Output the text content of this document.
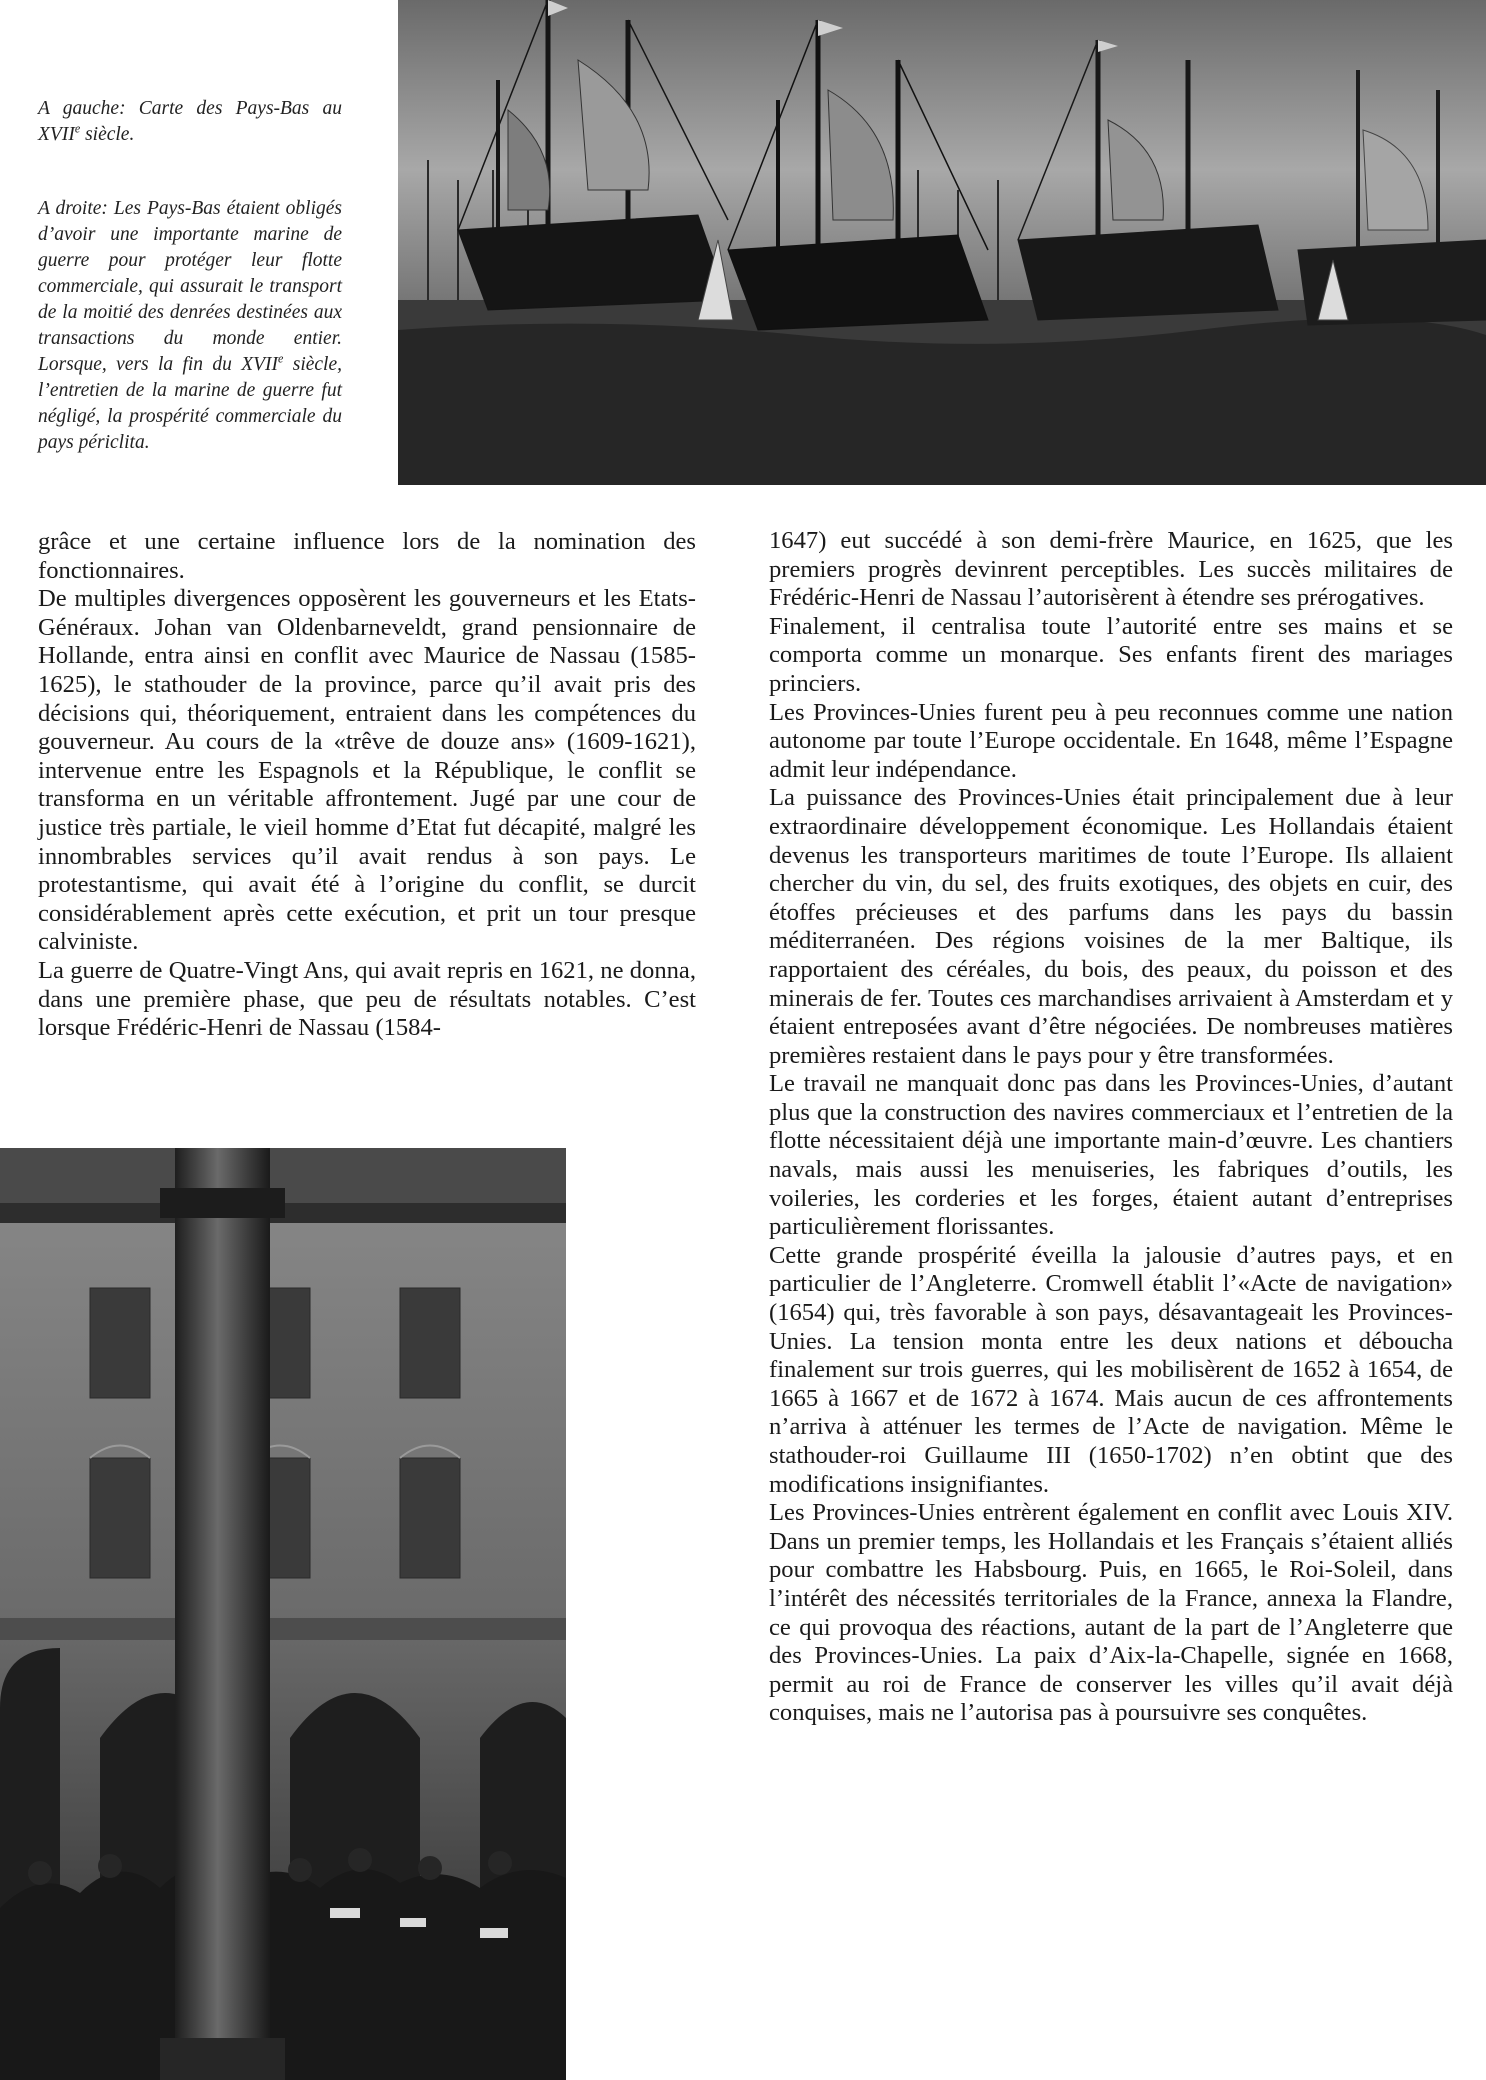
A gauche: Carte des Pays-Bas au XVIIe siècle.

A droite: Les Pays-Bas étaient obligés d’avoir une importante marine de guerre pour protéger leur flotte commerciale, qui assurait le transport de la moitié des denrées destinées aux transactions du monde entier. Lorsque, vers la fin du XVIIe siècle, l’entretien de la marine de guerre fut négligé, la prospérité commerciale du pays périclita.

grâce et une certaine influence lors de la nomination des fonctionnaires.

De multiples divergences opposèrent les gouverneurs et les Etats-Généraux. Johan van Oldenbarneveldt, grand pensionnaire de Hollande, entra ainsi en conflit avec Maurice de Nassau (1585-1625), le stathouder de la province, parce qu’il avait pris des décisions qui, théoriquement, entraient dans les compétences du gouverneur. Au cours de la «trêve de douze ans» (1609-1621), intervenue entre les Espagnols et la République, le conflit se transforma en un véritable affrontement. Jugé par une cour de justice très partiale, le vieil homme d’Etat fut décapité, malgré les innombrables services qu’il avait rendus à son pays. Le protestantisme, qui avait été à l’origine du conflit, se durcit considérablement après cette exécution, et prit un tour presque calviniste.

La guerre de Quatre-Vingt Ans, qui avait repris en 1621, ne donna, dans une première phase, que peu de résultats notables. C’est lorsque Frédéric-Henri de Nassau (1584-

1647) eut succédé à son demi-frère Maurice, en 1625, que les premiers progrès devinrent perceptibles. Les succès militaires de Frédéric-Henri de Nassau l’autorisèrent à étendre ses prérogatives.

Finalement, il centralisa toute l’autorité entre ses mains et se comporta comme un monarque. Ses enfants firent des mariages princiers.

Les Provinces-Unies furent peu à peu reconnues comme une nation autonome par toute l’Europe occidentale. En 1648, même l’Espagne admit leur indépendance.

La puissance des Provinces-Unies était principalement due à leur extraordinaire développement économique. Les Hollandais étaient devenus les transporteurs maritimes de toute l’Europe. Ils allaient chercher du vin, du sel, des fruits exotiques, des objets en cuir, des étoffes précieuses et des parfums dans les pays du bassin méditerranéen. Des régions voisines de la mer Baltique, ils rapportaient des céréales, du bois, des peaux, du poisson et des minerais de fer. Toutes ces marchandises arrivaient à Amsterdam et y étaient entreposées avant d’être négociées. De nombreuses matières premières restaient dans le pays pour y être transformées.

Le travail ne manquait donc pas dans les Provinces-Unies, d’autant plus que la construction des navires commerciaux et l’entretien de la flotte nécessitaient déjà une importante main-d’œuvre. Les chantiers navals, mais aussi les menuiseries, les fabriques d’outils, les voileries, les corderies et les forges, étaient autant d’entreprises particulièrement florissantes.

Cette grande prospérité éveilla la jalousie d’autres pays, et en particulier de l’Angleterre. Cromwell établit l’«Acte de navigation» (1654) qui, très favorable à son pays, désavantageait les Provinces-Unies. La tension monta entre les deux nations et déboucha finalement sur trois guerres, qui les mobilisèrent de 1652 à 1654, de 1665 à 1667 et de 1672 à 1674. Mais aucun de ces affrontements n’arriva à atténuer les termes de l’Acte de navigation. Même le stathouder-roi Guillaume III (1650-1702) n’en obtint que des modifications insignifiantes.

Les Provinces-Unies entrèrent également en conflit avec Louis XIV. Dans un premier temps, les Hollandais et les Français s’étaient alliés pour combattre les Habsbourg. Puis, en 1665, le Roi-Soleil, dans l’intérêt des nécessités territoriales de la France, annexa la Flandre, ce qui provoqua des réactions, autant de la part de l’Angleterre que des Provinces-Unies. La paix d’Aix-la-Chapelle, signée en 1668, permit au roi de France de conserver les villes qu’il avait déjà conquises, mais ne l’autorisa pas à poursuivre ses conquêtes.
